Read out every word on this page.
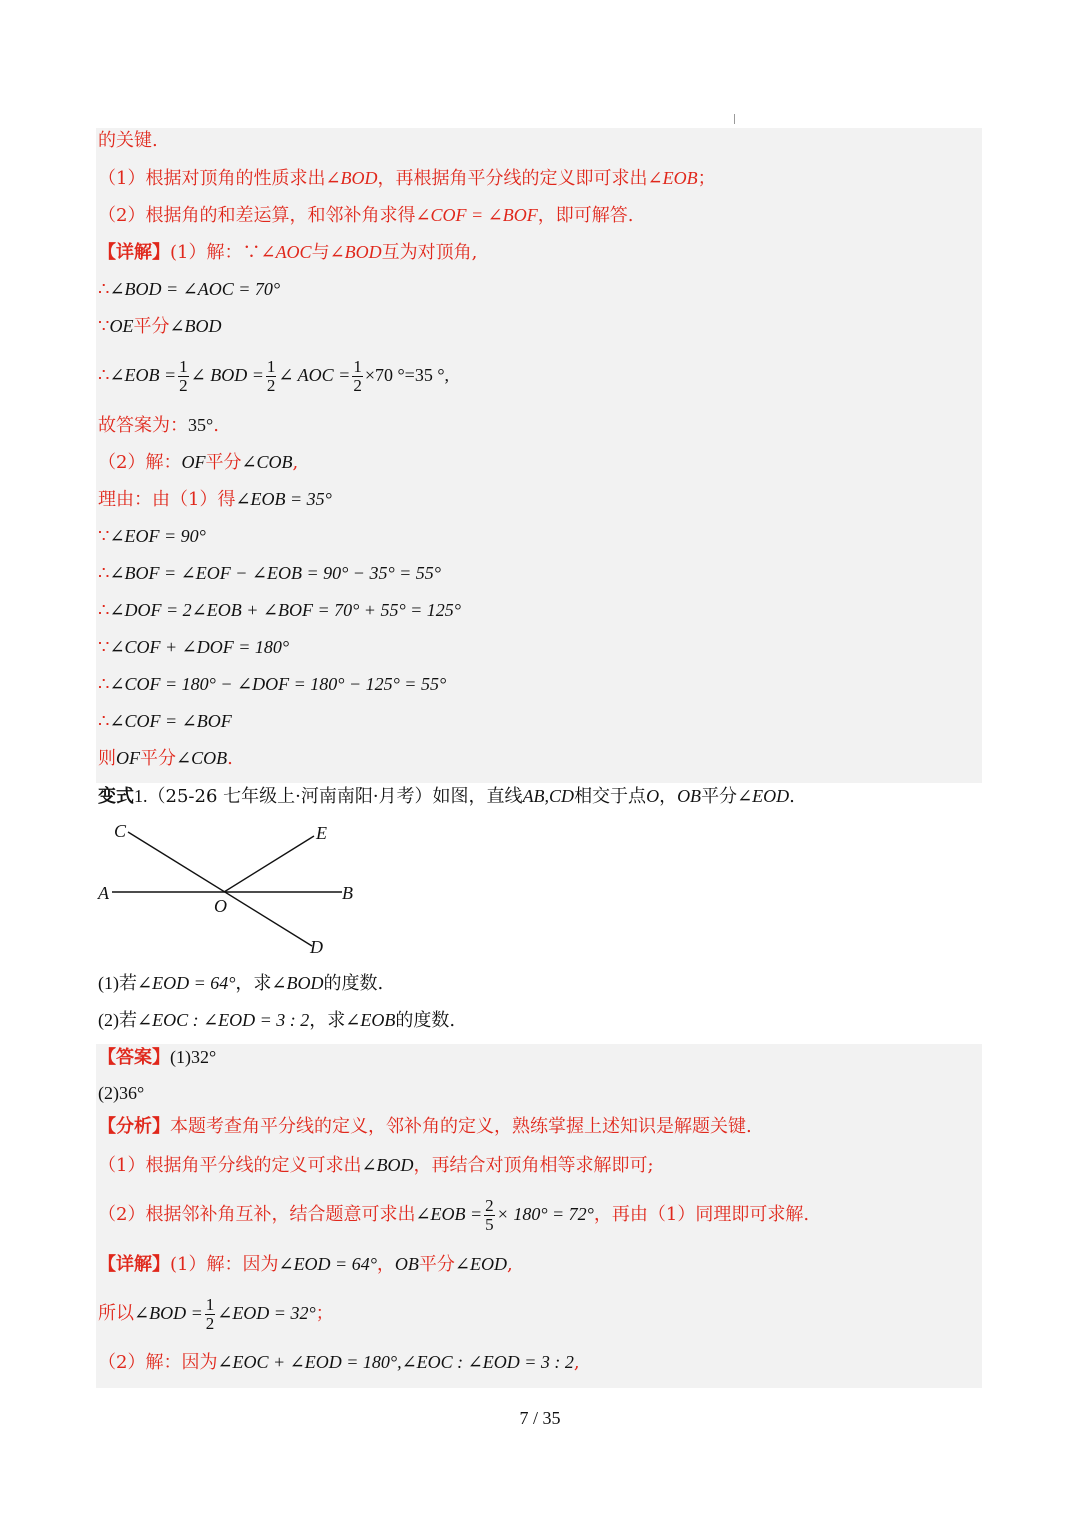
的关键.
（1）根据对顶角的性质求出∠BOD，再根据角平分线的定义即可求出∠EOB；
（2）根据角的和差运算，和邻补角求得∠COF = ∠BOF，即可解答.
【详解】(1）解：∵∠AOC与∠BOD互为对顶角,
∴∠BOD = ∠AOC = 70°
∵OE平分∠BOD
∴∠EOB = $\frac{1}{2}$ ∠ BOD = $\frac{1}{2}$ ∠ AOC = $\frac{1}{2} \times 70$ °=35 °,
故答案为：35°.
（2）解：OF平分∠COB,
理由：由（1）得∠EOB = 35°
∵∠EOF = 90°
∴∠BOF = ∠EOF − ∠EOB = 90° − 35° = 55°
∴∠DOF = 2∠EOB + ∠BOF = 70° + 55° = 125°
∵∠COF + ∠DOF = 180°
∴∠COF = 180° − ∠DOF = 180° − 125° = 55°
∴∠COF = ∠BOF
则OF平分∠COB.
变式1.（25-26 七年级上·河南南阳·月考）如图，直线AB,CD相交于点O，OB平分∠EOD.
A	B
C
D
E
O
(1)若∠EOD = 64°，求∠BOD的度数.
(2)若∠EOC : ∠EOD = 3 : 2，求∠EOB的度数.
【答案】(1)32°
(2)36°
【分析】本题考查角平分线的定义，邻补角的定义，熟练掌握上述知识是解题关键.
（1）根据角平分线的定义可求出∠BOD，再结合对顶角相等求解即可;
（2）根据邻补角互补，结合题意可求出∠EOB = $\frac{2}{5} \times 180^\circ = 72^\circ$，再由（1）同理即可求解.
【详解】(1）解：因为∠EOD = 64°，OB平分∠EOD,
所以∠BOD = $\frac{1}{2}$ ∠EOD = 32°；
（2）解：因为∠EOC + ∠EOD = 180°,∠EOC : ∠EOD = 3 : 2,
7 / 35
